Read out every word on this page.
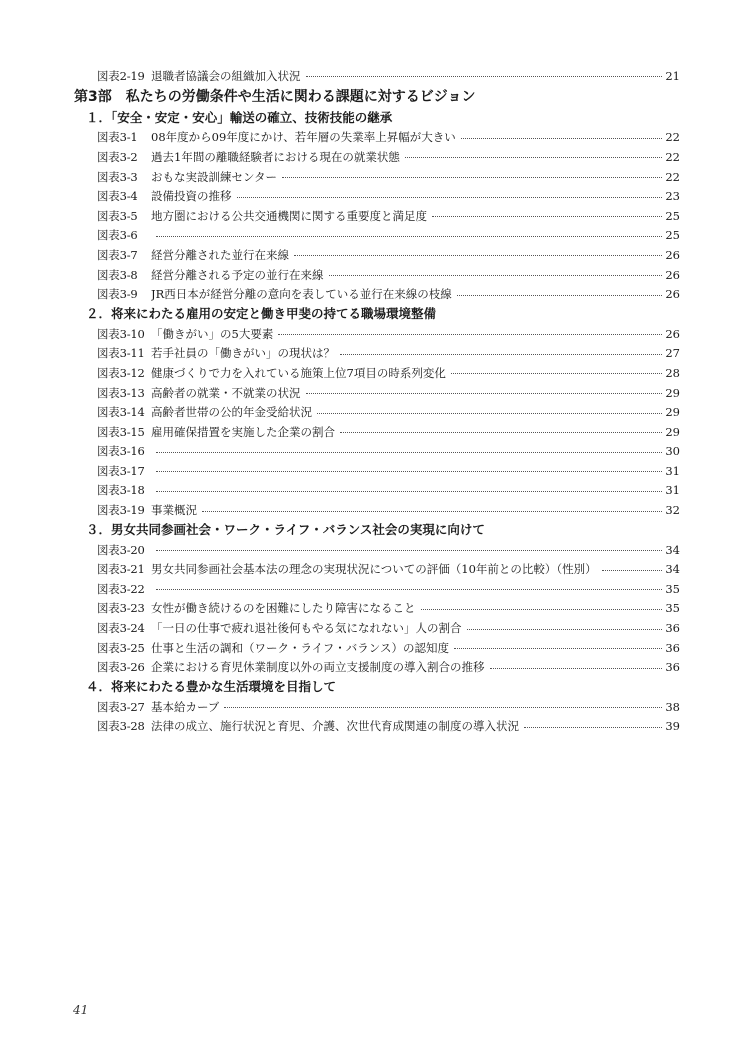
図表2-19 退職者協議会の組織加入状況	21
第3部　私たちの労働条件や生活に関わる課題に対するビジョン
１．「安全・安定・安心」輸送の確立、技術技能の継承
図表3-1	08年度から09年度にかけ、若年層の失業率上昇幅が大きい	22
図表3-2	過去1年間の離職経験者における現在の就業状態	22
図表3-3	おもな実設訓練センター	22
図表3-4	設備投資の推移	23
図表3-5	地方圏における公共交通機関に関する重要度と満足度	25
図表3-6	25
図表3-7	経営分離された並行在来線	26
図表3-8	経営分離される予定の並行在来線	26
図表3-9	JR西日本が経営分離の意向を表している並行在来線の枝線	26
２．将来にわたる雇用の安定と働き甲斐の持てる職場環境整備
図表3-10 「働きがい」の5大要素	26
図表3-11 若手社員の「働きがい」の現状は？	27
図表3-12 健康づくりで力を入れている施策上位7項目の時系列変化	28
図表3-13 高齢者の就業・不就業の状況	29
図表3-14 高齢者世帯の公的年金受給状況	29
図表3-15 雇用確保措置を実施した企業の割合	29
図表3-16	30
図表3-17	31
図表3-18	31
図表3-19 事業概況	32
３．男女共同参画社会・ワーク・ライフ・バランス社会の実現に向けて
図表3-20	34
図表3-21 男女共同参画社会基本法の理念の実現状況についての評価（10年前との比較）（性別）	34
図表3-22	35
図表3-23 女性が働き続けるのを困難にしたり障害になること	35
図表3-24 「一日の仕事で疲れ退社後何もやる気になれない」人の割合	36
図表3-25 仕事と生活の調和（ワーク・ライフ・バランス）の認知度	36
図表3-26 企業における育児休業制度以外の両立支援制度の導入割合の推移	36
４．将来にわたる豊かな生活環境を目指して
図表3-27 基本給カーブ	38
図表3-28 法律の成立、施行状況と育児、介護、次世代育成関連の制度の導入状況	39
41
